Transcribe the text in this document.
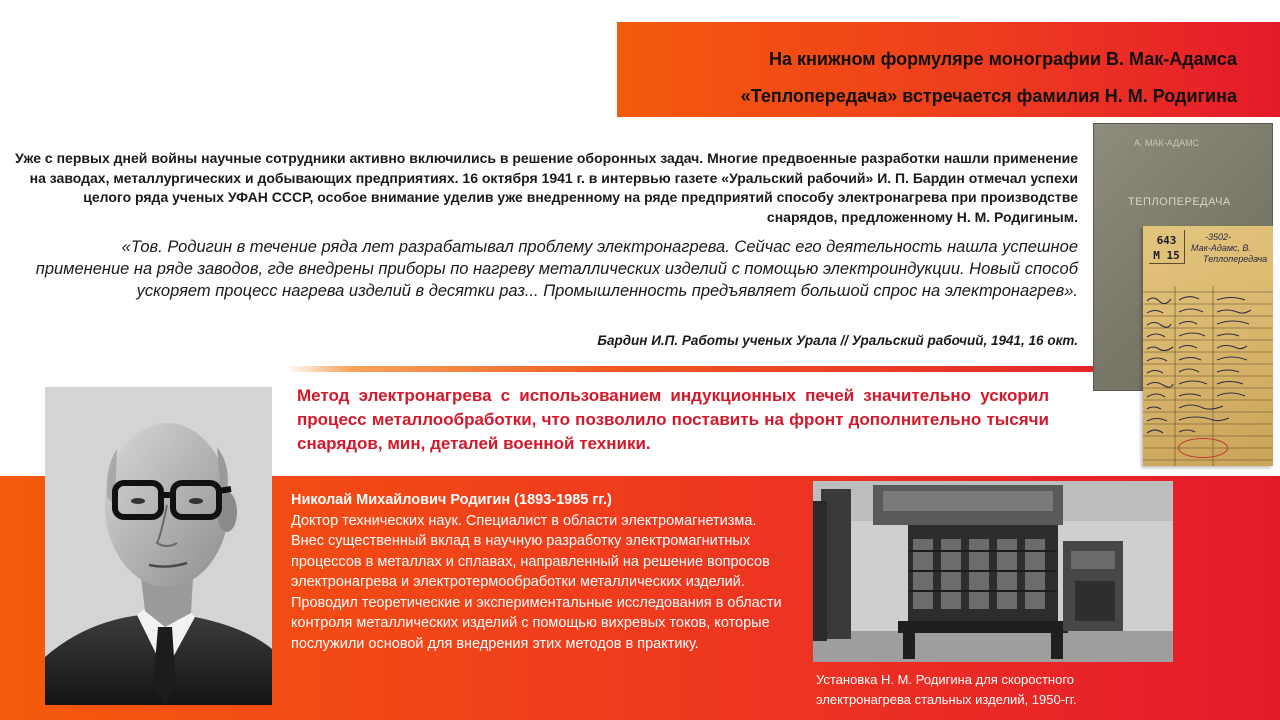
На книжном формуляре монографии В. Мак-Адамса
«Теплопередача» встречается фамилия Н. М. Родигина
Уже с первых дней войны научные сотрудники активно включились в решение оборонных задач. Многие предвоенные разработки нашли применение на заводах, металлургических и добывающих предприятиях. 16 октября 1941 г. в интервью газете «Уральский рабочий» И. П. Бардин отмечал успехи целого ряда ученых УФАН СССР, особое внимание уделив уже внедренному на ряде предприятий способу электронагрева при производстве снарядов, предложенному Н. М. Родигиным.
«Тов. Родигин в течение ряда лет разрабатывал проблему электронагрева. Сейчас его деятельность нашла успешное применение на ряде заводов, где внедрены приборы по нагреву металлических изделий с помощью электроиндукции. Новый способ ускоряет процесс нагрева изделий в десятки раз... Промышленность предъявляет большой спрос на электронагрев».
Бардин И.П. Работы ученых Урала // Уральский рабочий, 1941, 16 окт.
А. МАК-АДАМС
ТЕПЛОПЕРЕДАЧА
643
М 15
-3502-
Мак-Адамс, В.
Теплопередача
Метод электронагрева с использованием индукционных печей значительно ускорил процесс металлообработки, что позволило поставить на фронт дополнительно тысячи снарядов, мин, деталей военной техники.
Николай Михайлович Родигин (1893-1985 гг.)
Доктор технических наук. Специалист в области электромагнетизма. Внес существенный вклад в научную разработку электромагнитных процессов в металлах и сплавах, направленный на решение вопросов электронагрева и электротермообработки металлических изделий. Проводил теоретические и экспериментальные исследования в области контроля металлических изделий с помощью вихревых токов, которые послужили основой для внедрения этих методов в практику.
Установка Н. М. Родигина для скоростного электронагрева стальных изделий, 1950-гг.
